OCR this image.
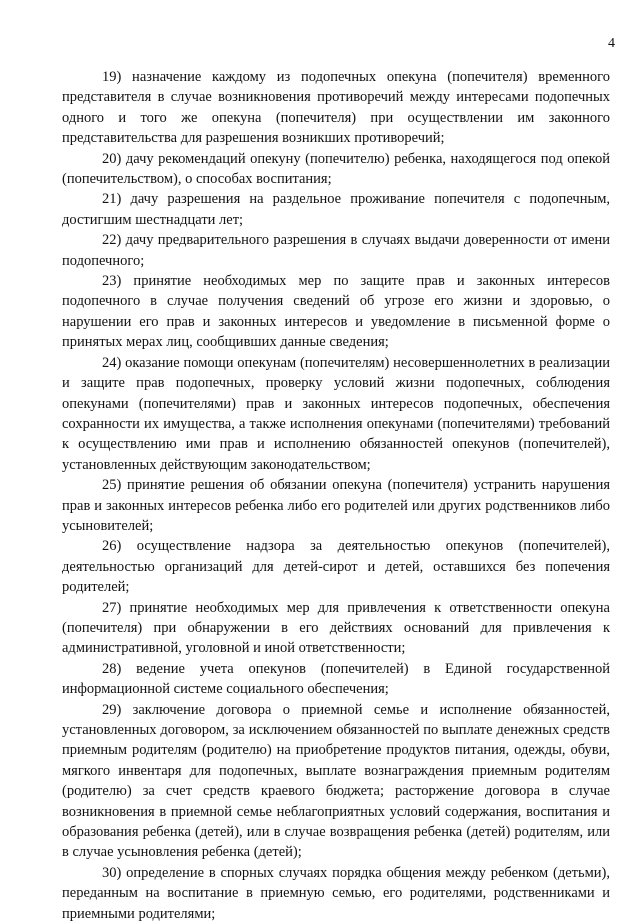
4

19) назначение каждому из подопечных опекуна (попечителя) временного представителя в случае возникновения противоречий между интересами подопечных одного и того же опекуна (попечителя) при осуществлении им законного представительства для разрешения возникших противоречий;

20) дачу рекомендаций опекуну (попечителю) ребенка, находящегося под опекой (попечительством), о способах воспитания;

21) дачу разрешения на раздельное проживание попечителя с подопечным, достигшим шестнадцати лет;

22) дачу предварительного разрешения в случаях выдачи доверенности от имени подопечного;

23) принятие необходимых мер по защите прав и законных интересов подопечного в случае получения сведений об угрозе его жизни и здоровью, о нарушении его прав и законных интересов и уведомление в письменной форме о принятых мерах лиц, сообщивших данные сведения;

24) оказание помощи опекунам (попечителям) несовершеннолетних в реализации и защите прав подопечных, проверку условий жизни подопечных, соблюдения опекунами (попечителями) прав и законных интересов подопечных, обеспечения сохранности их имущества, а также исполнения опекунами (попечителями) требований к осуществлению ими прав и исполнению обязанностей опекунов (попечителей), установленных действующим законодательством;

25) принятие решения об обязании опекуна (попечителя) устранить нарушения прав и законных интересов ребенка либо его родителей или других родственников либо усыновителей;

26) осуществление надзора за деятельностью опекунов (попечителей), деятельностью организаций для детей-сирот и детей, оставшихся без попечения родителей;

27) принятие необходимых мер для привлечения к ответственности опекуна (попечителя) при обнаружении в его действиях оснований для привлечения к административной, уголовной и иной ответственности;

28) ведение учета опекунов (попечителей) в Единой государственной информационной системе социального обеспечения;

29) заключение договора о приемной семье и исполнение обязанностей, установленных договором, за исключением обязанностей по выплате денежных средств приемным родителям (родителю) на приобретение продуктов питания, одежды, обуви, мягкого инвентаря для подопечных, выплате вознаграждения приемным родителям (родителю) за счет средств краевого бюджета; расторжение договора в случае возникновения в приемной семье неблагоприятных условий содержания, воспитания и образования ребенка (детей), или в случае возвращения ребенка (детей) родителям, или в случае усыновления ребенка (детей);

30) определение в спорных случаях порядка общения между ребенком (детьми), переданным на воспитание в приемную семью, его родителями, родственниками и приемными родителями;
